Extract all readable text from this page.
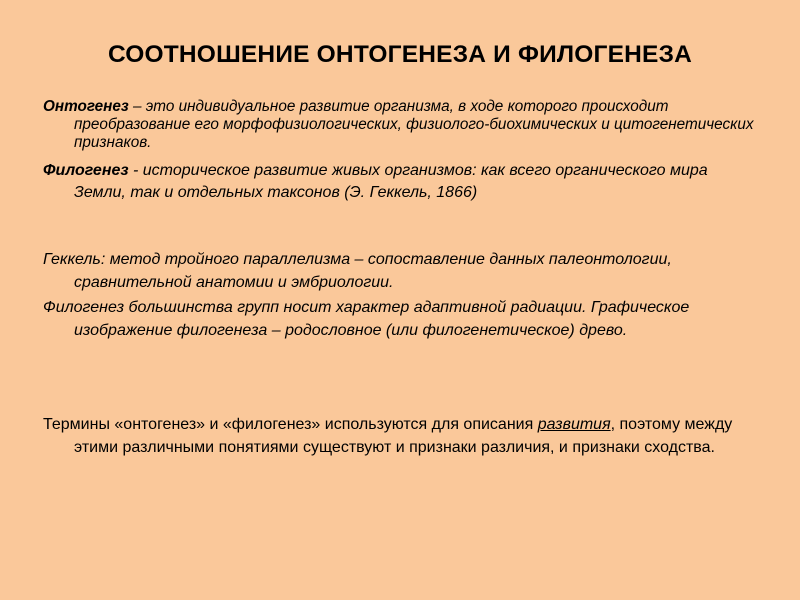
СООТНОШЕНИЕ ОНТОГЕНЕЗА И ФИЛОГЕНЕЗА

Онтогенез – это индивидуальное развитие организма, в ходе которого происходит преобразование его морфофизиологических, физиолого-биохимических и цитогенетических признаков.

Филогенез - историческое развитие живых организмов: как всего органического мира Земли, так и отдельных таксонов (Э. Геккель, 1866)

Геккель: метод тройного параллелизма – сопоставление данных палеонтологии, сравнительной анатомии и эмбриологии.

Филогенез большинства групп носит характер адаптивной радиации. Графическое изображение филогенеза – родословное (или филогенетическое) древо.

Термины «онтогенез» и «филогенез» используются для описания развития, поэтому между этими различными понятиями существуют и признаки различия, и признаки сходства.
